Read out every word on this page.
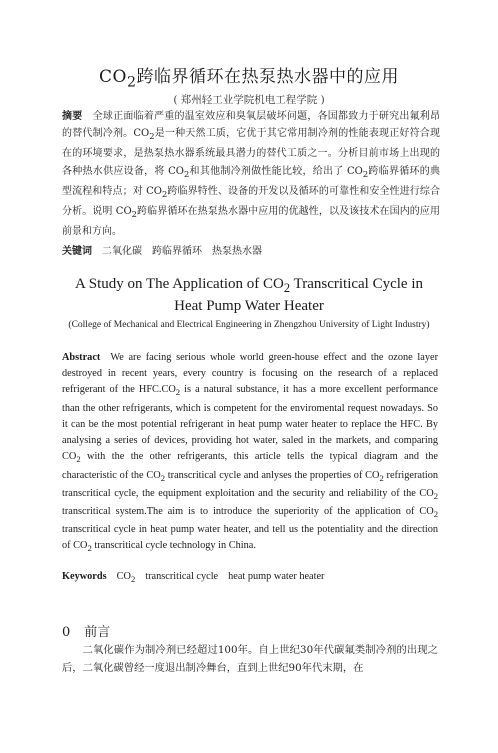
$CO_2$跨临界循环在热泵热水器中的应用
( 郑州轻工业学院机电工程学院 )
摘要 全球正面临着严重的温室效应和臭氧层破坏问题，各国都致力于研究出氟利昂的替代制冷剂。$CO_2$是一种天然工质，它优于其它常用制冷剂的性能表现正好符合现在的环境要求，是热泵热水器系统最具潜力的替代工质之一。分析目前市场上出现的各种热水供应设备，将 $CO_2$和其他制冷剂做性能比较，给出了 $CO_2$跨临界循环的典型流程和特点；对 $CO_2$跨临界特性、设备的开发以及循环的可靠性和安全性进行综合分析。说明 $CO_2$跨临界循环在热泵热水器中应用的优越性，以及该技术在国内的应用前景和方向。
关键词 二氧化碳 跨临界循环 热泵热水器
A Study on The Application of $CO_2$ Transcritical Cycle in
Heat Pump Water Heater
(College of Mechanical and Electrical Engineering in Zhengzhou University of Light Industry)
Abstract We are facing serious whole world green-house effect and the ozone layer destroyed in recent years, every country is focusing on the research of a replaced refrigerant of the $HFC.CO_2$ is a natural substance, it has a more excellent performance than the other refrigerants, which is competent for the enviromental request nowadays. So it can be the most potential refrigerant in heat pump water heater to replace the HFC. By analysing a series of devices, providing hot water, saled in the markets, and comparing $CO_2$ with the the other refrigerants, this article tells the typical diagram and the characteristic of the $CO_2$ transcritical cycle and anlyses the properties of $CO_2$ refrigeration transcritical cycle, the equipment exploitation and the security and reliability of the $CO_2$ transcritical system.The aim is to introduce the superiority of the application of $CO_2$ transcritical cycle in heat pump water heater, and tell us the potentiality and the direction of $CO_2$ transcritical cycle technology in China.
Keywords $CO_2$ transcritical cycle heat pump water heater
0 前言
二氧化碳作为制冷剂已经超过100年。自上世纪30年代碳氟类制冷剂的出现之后，二氧化碳曾经一度退出制冷舞台，直到上世纪90年代末期，在
